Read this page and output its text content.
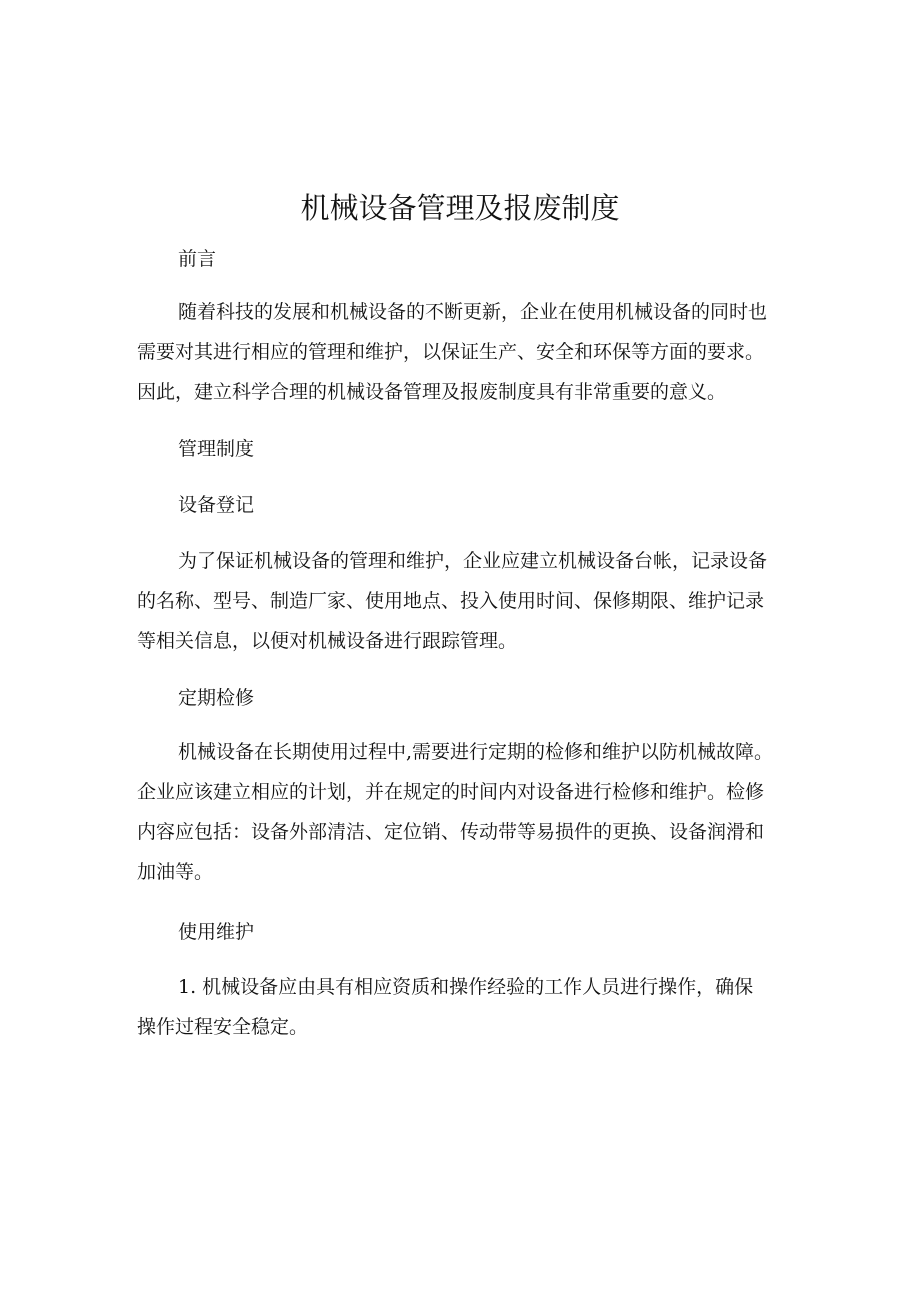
机械设备管理及报废制度
前言
随着科技的发展和机械设备的不断更新，企业在使用机械设备的同时也
需要对其进行相应的管理和维护，以保证生产、安全和环保等方面的要求。
因此，建立科学合理的机械设备管理及报废制度具有非常重要的意义。
管理制度
设备登记
为了保证机械设备的管理和维护，企业应建立机械设备台帐，记录设备
的名称、型号、制造厂家、使用地点、投入使用时间、保修期限、维护记录
等相关信息，以便对机械设备进行跟踪管理。
定期检修
机械设备在长期使用过程中,需要进行定期的检修和维护以防机械故障。
企业应该建立相应的计划，并在规定的时间内对设备进行检修和维护。检修
内容应包括：设备外部清洁、定位销、传动带等易损件的更换、设备润滑和
加油等。
使用维护
1. 机械设备应由具有相应资质和操作经验的工作人员进行操作，确保
操作过程安全稳定。
